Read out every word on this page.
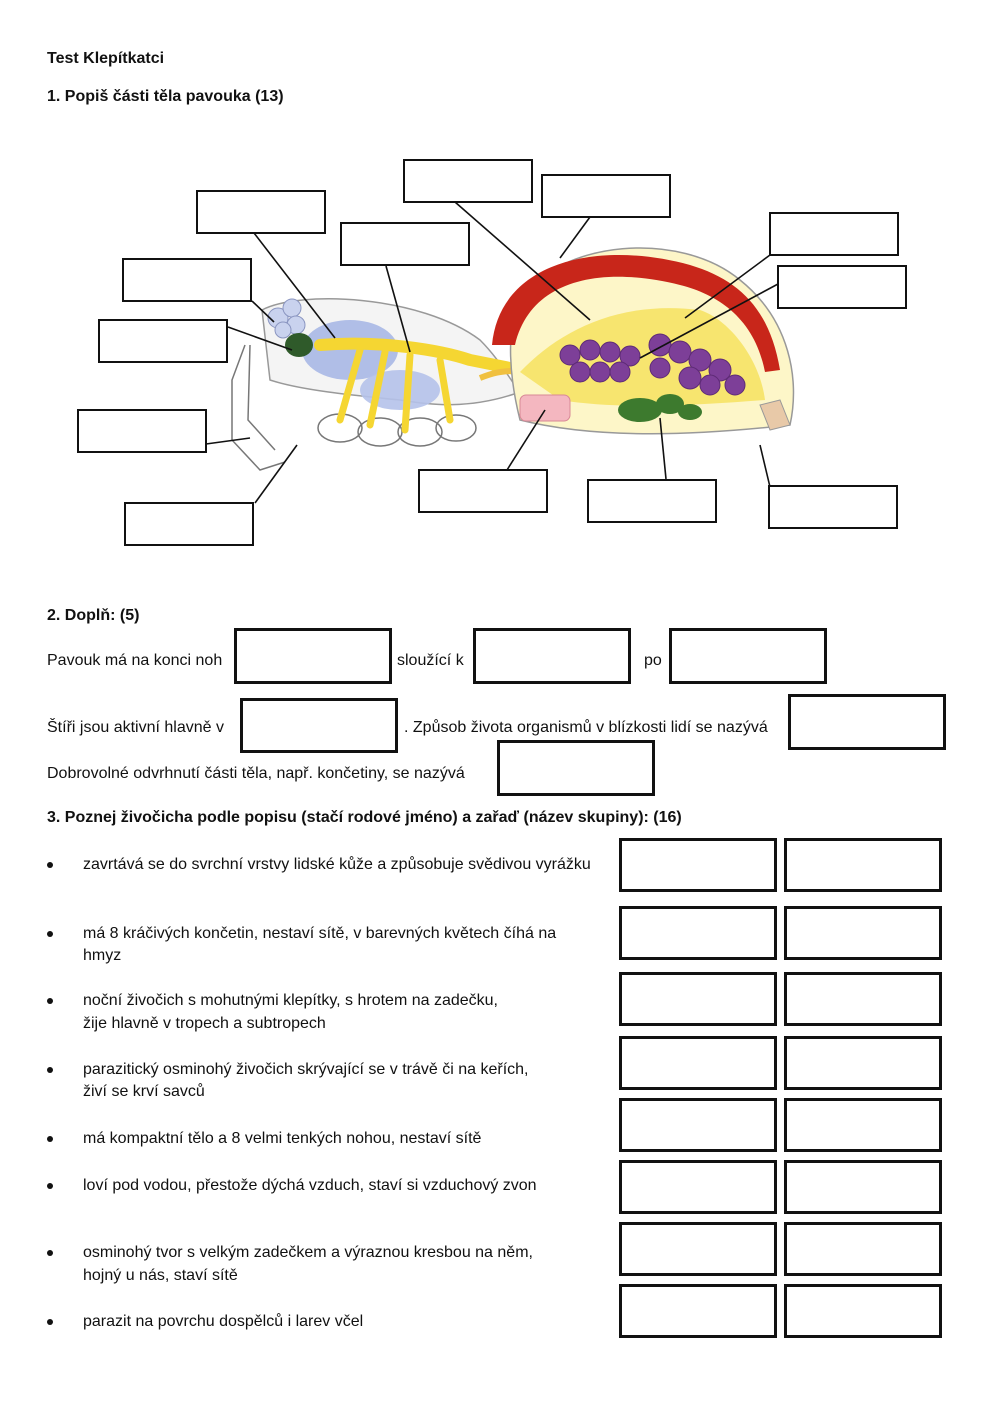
Test Klepítkatci
1. Popiš části těla pavouka (13)
2. Doplň: (5)
Pavouk má na konci noh	sloužící k	po
Štíři jsou aktivní hlavně v	. Způsob života organismů v blízkosti lidí se nazývá
Dobrovolné odvrhnutí části těla, např. končetiny, se nazývá
3. Poznej živočicha podle popisu (stačí rodové jméno) a zařaď (název skupiny): (16)
zavrtává se do svrchní vrstvy lidské kůže a způsobuje svědivou vyrážku
má 8 kráčivých končetin, nestaví sítě, v barevných květech číhá na
hmyz
noční živočich s mohutnými klepítky, s hrotem na zadečku,
žije hlavně v tropech a subtropech
parazitický osminohý živočich skrývající se v trávě či na keřích,
živí se krví savců
má kompaktní tělo a 8 velmi tenkých nohou, nestaví sítě
loví pod vodou, přestože dýchá vzduch, staví si vzduchový zvon
osminohý tvor s velkým zadečkem a výraznou kresbou na něm,
hojný u nás, staví sítě
parazit na povrchu dospělců i larev včel
